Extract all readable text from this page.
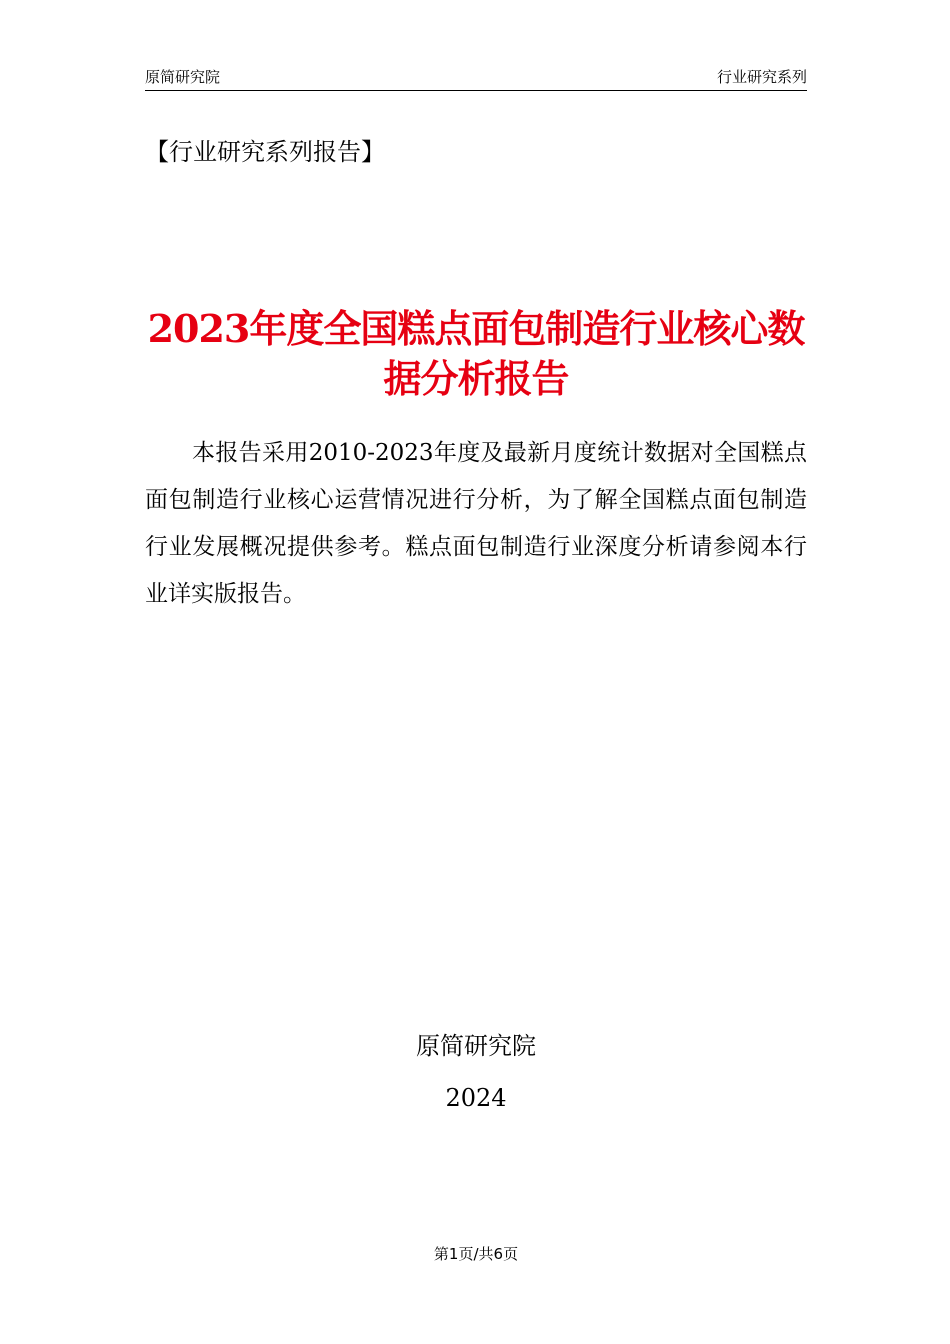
原简研究院	行业研究系列
【行业研究系列报告】
2023年度全国糕点面包制造行业核心数据分析报告
本报告采用2010-2023年度及最新月度统计数据对全国糕点面包制造行业核心运营情况进行分析，为了解全国糕点面包制造行业发展概况提供参考。糕点面包制造行业深度分析请参阅本行业详实版报告。
原简研究院
2024
第1页/共6页
